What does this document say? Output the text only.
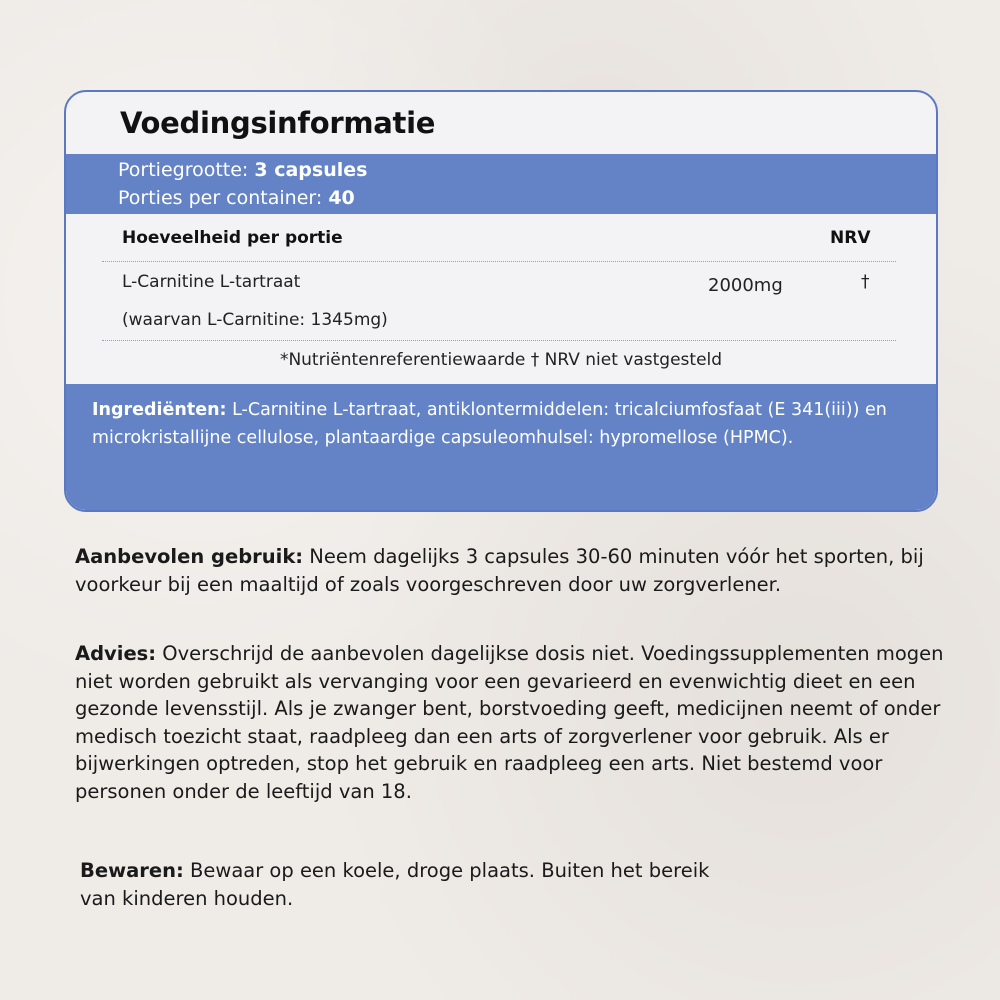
Voedingsinformatie
Portiegrootte: 3 capsules
Porties per container: 40
Hoeveelheid per portie	NRV
L-Carnitine L-tartraat
(waarvan L-Carnitine: 1345mg)
2000mg	†
*Nutriëntenreferentiewaarde † NRV niet vastgesteld

Ingrediënten: L-Carnitine L-tartraat, antiklontermiddelen: tricalciumfosfaat (E 341(iii)) en microkristallijne cellulose, plantaardige capsuleomhulsel: hypromellose (HPMC).

Aanbevolen gebruik: Neem dagelijks 3 capsules 30-60 minuten vóór het sporten, bij voorkeur bij een maaltijd of zoals voorgeschreven door uw zorgverlener.

Advies: Overschrijd de aanbevolen dagelijkse dosis niet. Voedingssupplementen mogen niet worden gebruikt als vervanging voor een gevarieerd en evenwichtig dieet en een gezonde levensstijl. Als je zwanger bent, borstvoeding geeft, medicijnen neemt of onder medisch toezicht staat, raadpleeg dan een arts of zorgverlener voor gebruik. Als er bijwerkingen optreden, stop het gebruik en raadpleeg een arts. Niet bestemd voor personen onder de leeftijd van 18.

Bewaren: Bewaar op een koele, droge plaats. Buiten het bereik van kinderen houden.
